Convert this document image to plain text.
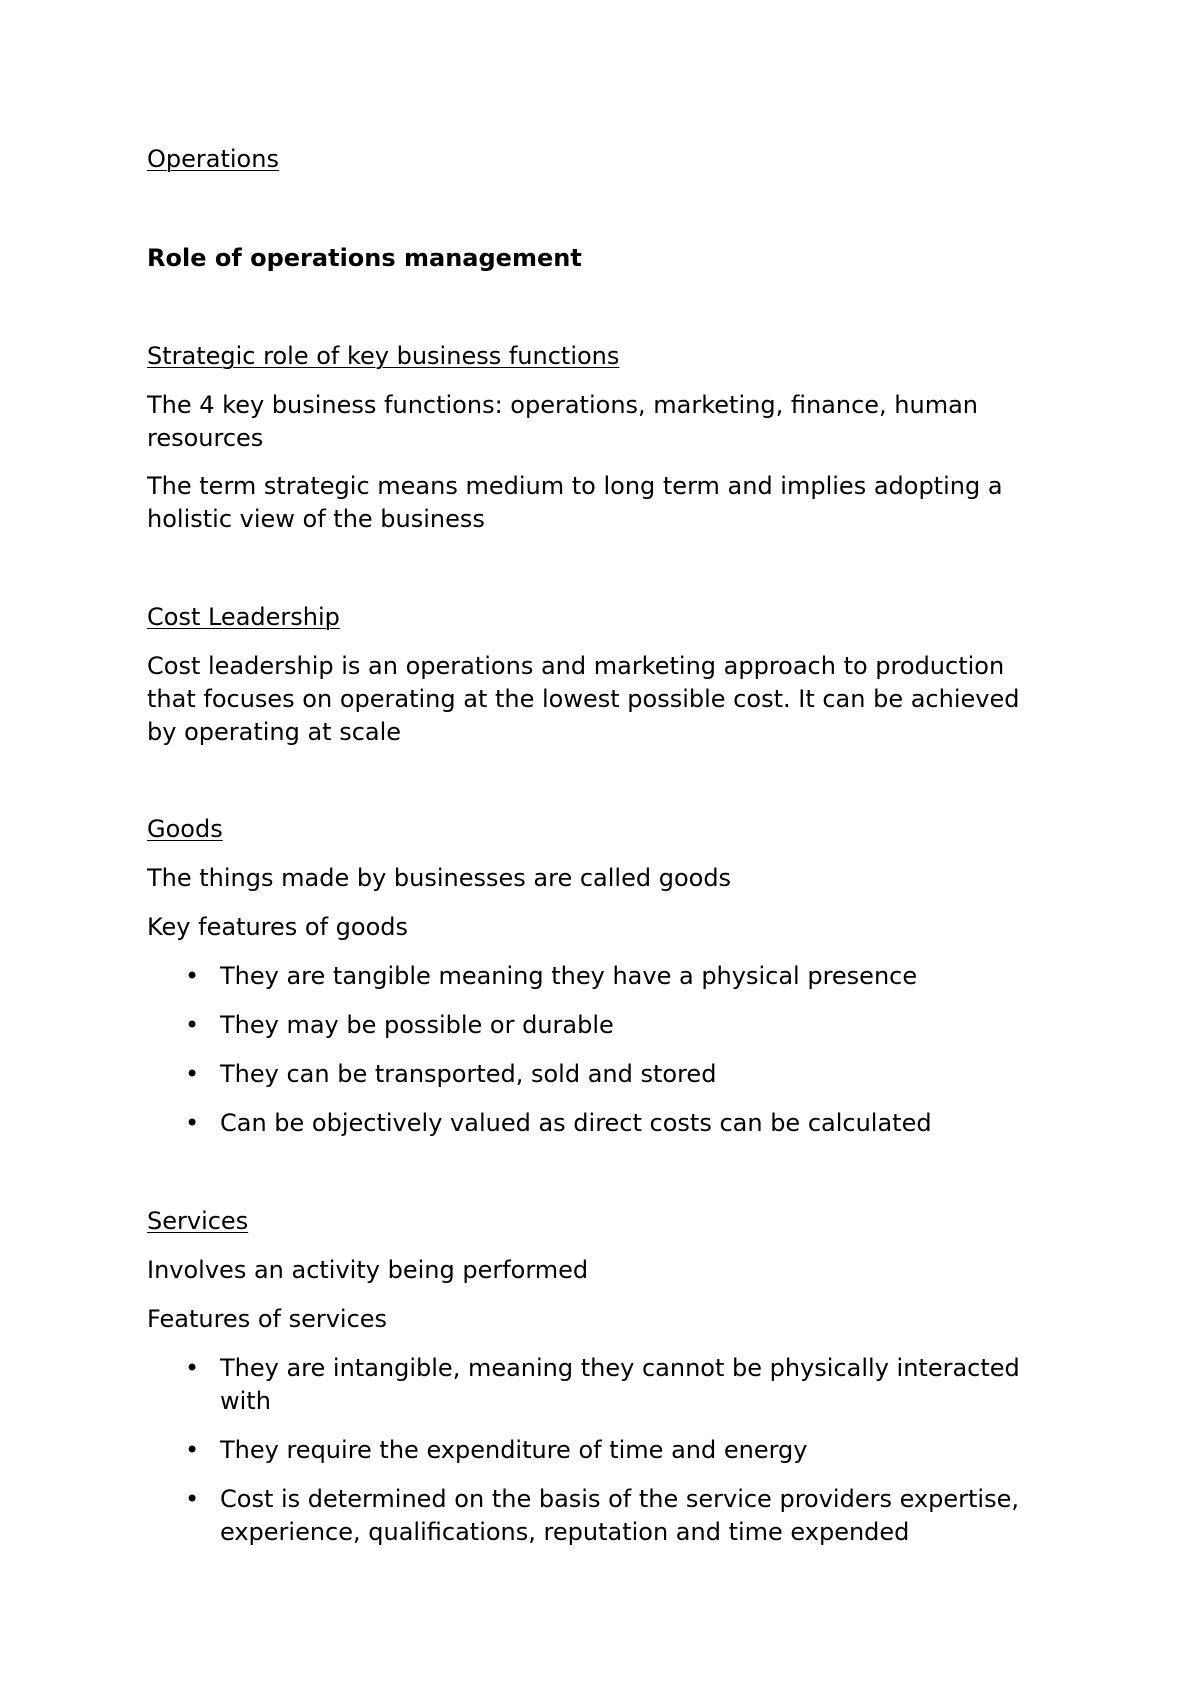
Operations
Role of operations management
Strategic role of key business functions
The 4 key business functions: operations, marketing, finance, human
resources
The term strategic means medium to long term and implies adopting a
holistic view of the business
Cost Leadership
Cost leadership is an operations and marketing approach to production
that focuses on operating at the lowest possible cost. It can be achieved
by operating at scale
Goods
The things made by businesses are called goods
Key features of goods
• They are tangible meaning they have a physical presence
• They may be possible or durable
• They can be transported, sold and stored
• Can be objectively valued as direct costs can be calculated
Services
Involves an activity being performed
Features of services
• They are intangible, meaning they cannot be physically interacted
with
• They require the expenditure of time and energy
• Cost is determined on the basis of the service providers expertise,
experience, qualifications, reputation and time expended
